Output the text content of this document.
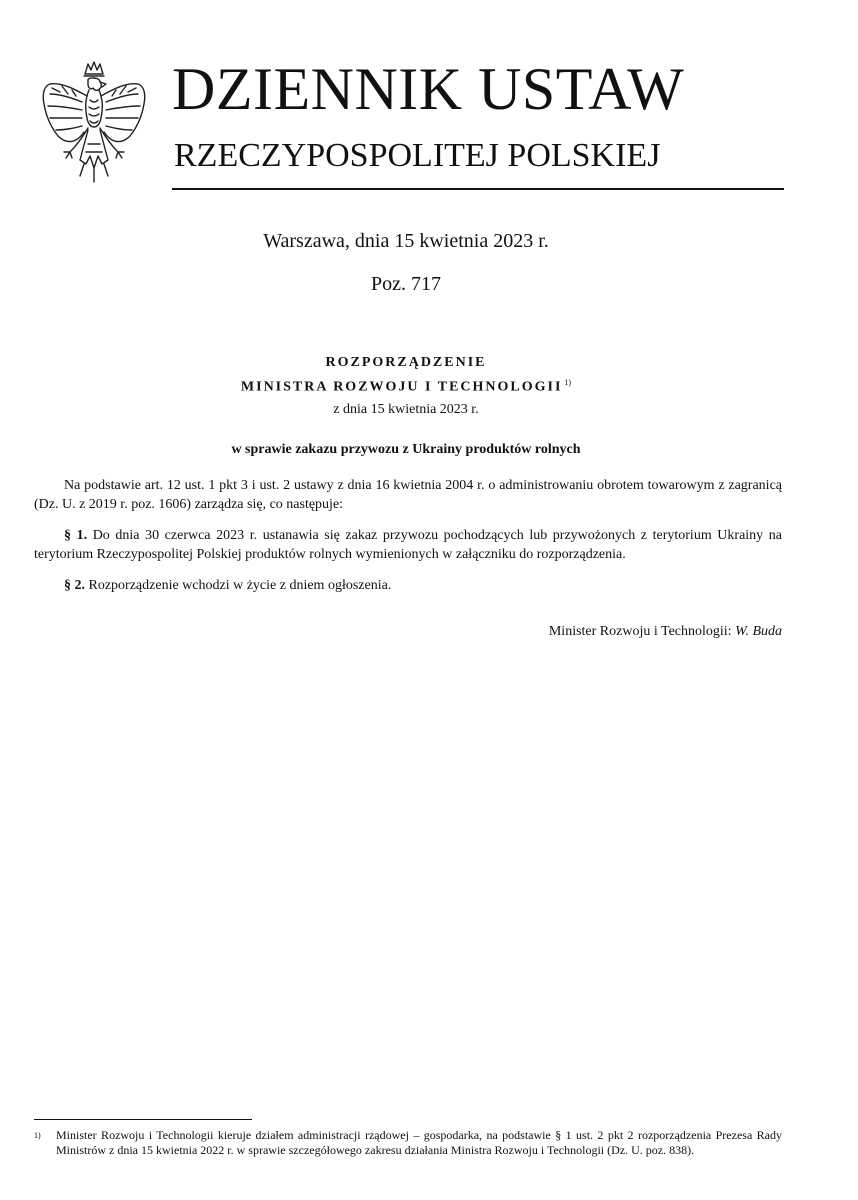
DZIENNIK USTAW
RZECZYPOSPOLITEJ POLSKIEJ
Warszawa, dnia 15 kwietnia 2023 r.
Poz. 717
ROZPORZĄDZENIE
MINISTRA ROZWOJU I TECHNOLOGII $^{1)}$
z dnia 15 kwietnia 2023 r.
w sprawie zakazu przywozu z Ukrainy produktów rolnych

Na podstawie art. 12 ust. 1 pkt 3 i ust. 2 ustawy z dnia 16 kwietnia 2004 r. o administrowaniu obrotem towarowym z zagranicą (Dz. U. z 2019 r. poz. 1606) zarządza się, co następuje:

§ 1. Do dnia 30 czerwca 2023 r. ustanawia się zakaz przywozu pochodzących lub przywożonych z terytorium Ukrainy na terytorium Rzeczypospolitej Polskiej produktów rolnych wymienionych w załączniku do rozporządzenia.

§ 2. Rozporządzenie wchodzi w życie z dniem ogłoszenia.

Minister Rozwoju i Technologii: W. Buda
1) Minister Rozwoju i Technologii kieruje działem administracji rządowej – gospodarka, na podstawie § 1 ust. 2 pkt 2 rozporządzenia Prezesa Rady Ministrów z dnia 15 kwietnia 2022 r. w sprawie szczegółowego zakresu działania Ministra Rozwoju i Technologii (Dz. U. poz. 838).
